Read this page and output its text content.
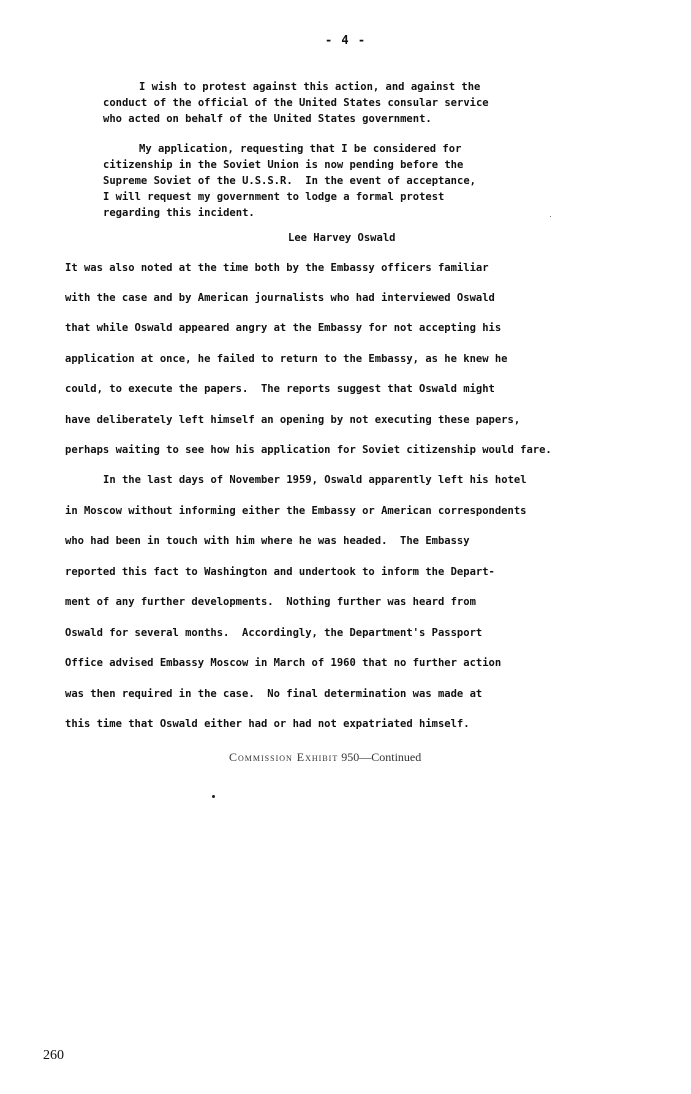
- 4 -
I wish to protest against this action, and against the
conduct of the official of the United States consular service
who acted on behalf of the United States government.
My application, requesting that I be considered for
citizenship in the Soviet Union is now pending before the
Supreme Soviet of the U.S.S.R.  In the event of acceptance,
I will request my government to lodge a formal protest
regarding this incident.
Lee Harvey Oswald
It was also noted at the time both by the Embassy officers familiar
with the case and by American journalists who had interviewed Oswald
that while Oswald appeared angry at the Embassy for not accepting his
application at once, he failed to return to the Embassy, as he knew he
could, to execute the papers.  The reports suggest that Oswald might
have deliberately left himself an opening by not executing these papers,
perhaps waiting to see how his application for Soviet citizenship would fare.
In the last days of November 1959, Oswald apparently left his hotel
in Moscow without informing either the Embassy or American correspondents
who had been in touch with him where he was headed.  The Embassy
reported this fact to Washington and undertook to inform the Depart-
ment of any further developments.  Nothing further was heard from
Oswald for several months.  Accordingly, the Department's Passport
Office advised Embassy Moscow in March of 1960 that no further action
was then required in the case.  No final determination was made at
this time that Oswald either had or had not expatriated himself.
Commission Exhibit 950—Continued
260
